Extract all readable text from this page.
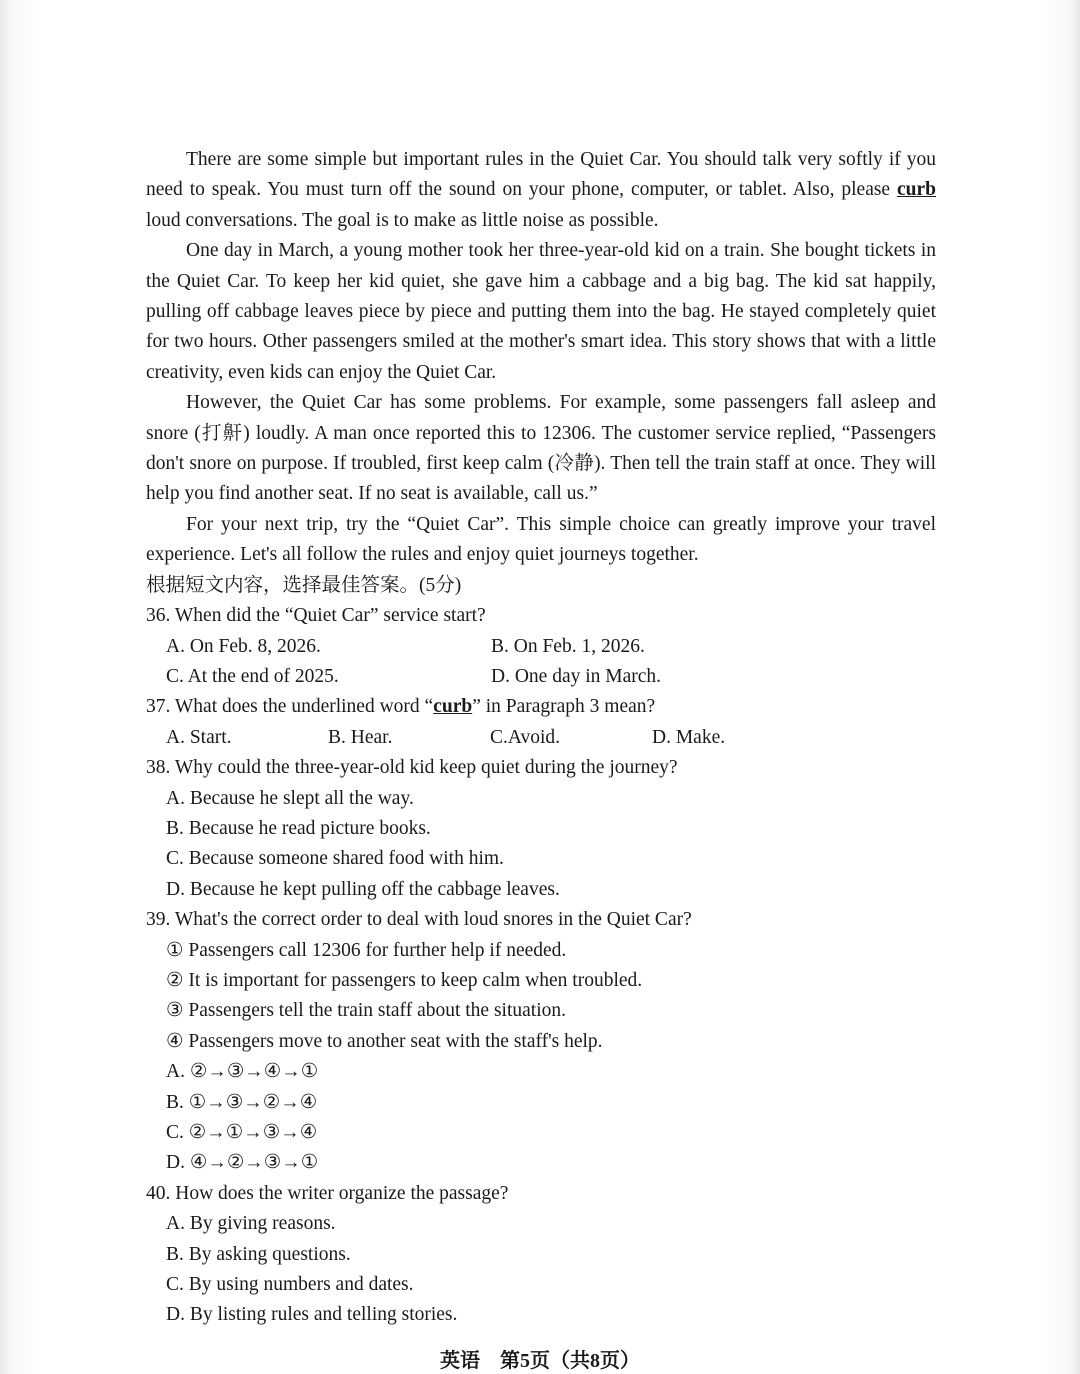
There are some simple but important rules in the Quiet Car. You should talk very softly if you need to speak. You must turn off the sound on your phone, computer, or tablet. Also, please curb loud conversations. The goal is to make as little noise as possible.

One day in March, a young mother took her three-year-old kid on a train. She bought tickets in the Quiet Car. To keep her kid quiet, she gave him a cabbage and a big bag. The kid sat happily, pulling off cabbage leaves piece by piece and putting them into the bag. He stayed completely quiet for two hours. Other passengers smiled at the mother's smart idea. This story shows that with a little creativity, even kids can enjoy the Quiet Car.

However, the Quiet Car has some problems. For example, some passengers fall asleep and snore (打鼾) loudly. A man once reported this to 12306. The customer service replied, “Passengers don't snore on purpose. If troubled, first keep calm (冷静). Then tell the train staff at once. They will help you find another seat. If no seat is available, call us.”

For your next trip, try the “Quiet Car”. This simple choice can greatly improve your travel experience. Let's all follow the rules and enjoy quiet journeys together.

根据短文内容，选择最佳答案。(5分)

36. When did the “Quiet Car” service start?

A. On Feb. 8, 2026.	B. On Feb. 1, 2026.
C. At the end of 2025.	D. One day in March.

37. What does the underlined word “curb” in Paragraph 3 mean?

A. Start.	B. Hear.	C.Avoid.	D. Make.

38. Why could the three-year-old kid keep quiet during the journey?

A. Because he slept all the way.

B. Because he read picture books.

C. Because someone shared food with him.

D. Because he kept pulling off the cabbage leaves.

39. What's the correct order to deal with loud snores in the Quiet Car?

① Passengers call 12306 for further help if needed.

② It is important for passengers to keep calm when troubled.

③ Passengers tell the train staff about the situation.

④ Passengers move to another seat with the staff's help.

A. ②→③→④→①

B. ①→③→②→④

C. ②→①→③→④

D. ④→②→③→①

40. How does the writer organize the passage?

A. By giving reasons.

B. By asking questions.

C. By using numbers and dates.

D. By listing rules and telling stories.

英语　第5页（共8页）
